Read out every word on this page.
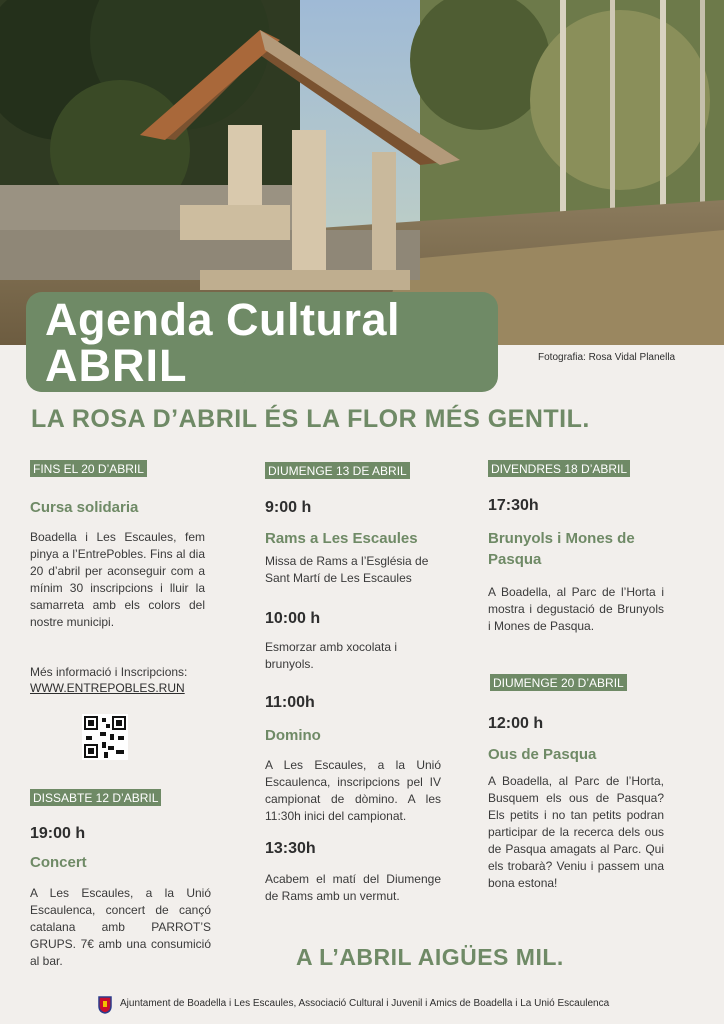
Agenda Cultural
ABRIL	Fotografia: Rosa Vidal Planella
LA ROSA D’ABRIL ÉS LA FLOR MÉS GENTIL.
FINS EL 20 D’ABRIL
Cursa solidaria
Boadella i Les Escaules, fem pinya a l’EntrePobles. Fins al dia 20 d’abril per aconseguir com a mínim 30 inscripcions i lluir la samarreta amb els colors del nostre municipi.
Més informació i Inscripcions:
WWW.ENTREPOBLES.RUN
DISSABTE 12 D’ABRIL
19:00 h
Concert
A Les Escaules, a la Unió Escaulenca, concert de cançó catalana amb PARROT’S GRUPS. 7€ amb una consumició al bar.
DIUMENGE 13 DE ABRIL
9:00 h
Rams a Les Escaules
Missa de Rams a l’Església de Sant Martí de Les Escaules
10:00 h
Esmorzar amb xocolata i brunyols.
11:00h
Domino
A Les Escaules, a la Unió Escaulenca, inscripcions pel IV campionat de dòmino. A les 11:30h inici del campionat.
13:30h
Acabem el matí del Diumenge de Rams amb un vermut.
DIVENDRES 18 D’ABRIL
17:30h
Brunyols i Mones de Pasqua
A Boadella, al Parc de l’Horta i mostra i degustació de Brunyols i Mones de Pasqua.
DIUMENGE 20 D’ABRIL
12:00 h
Ous de Pasqua
A Boadella, al Parc de l’Horta, Busquem els ous de Pasqua? Els petits i no tan petits podran participar de la recerca dels ous de Pasqua amagats al Parc. Qui els trobarà? Veniu i passem una bona estona!
A L’ABRIL AIGÜES MIL.
Ajuntament de Boadella i Les Escaules, Associació Cultural i Juvenil i Amics de Boadella i La Unió Escaulenca
